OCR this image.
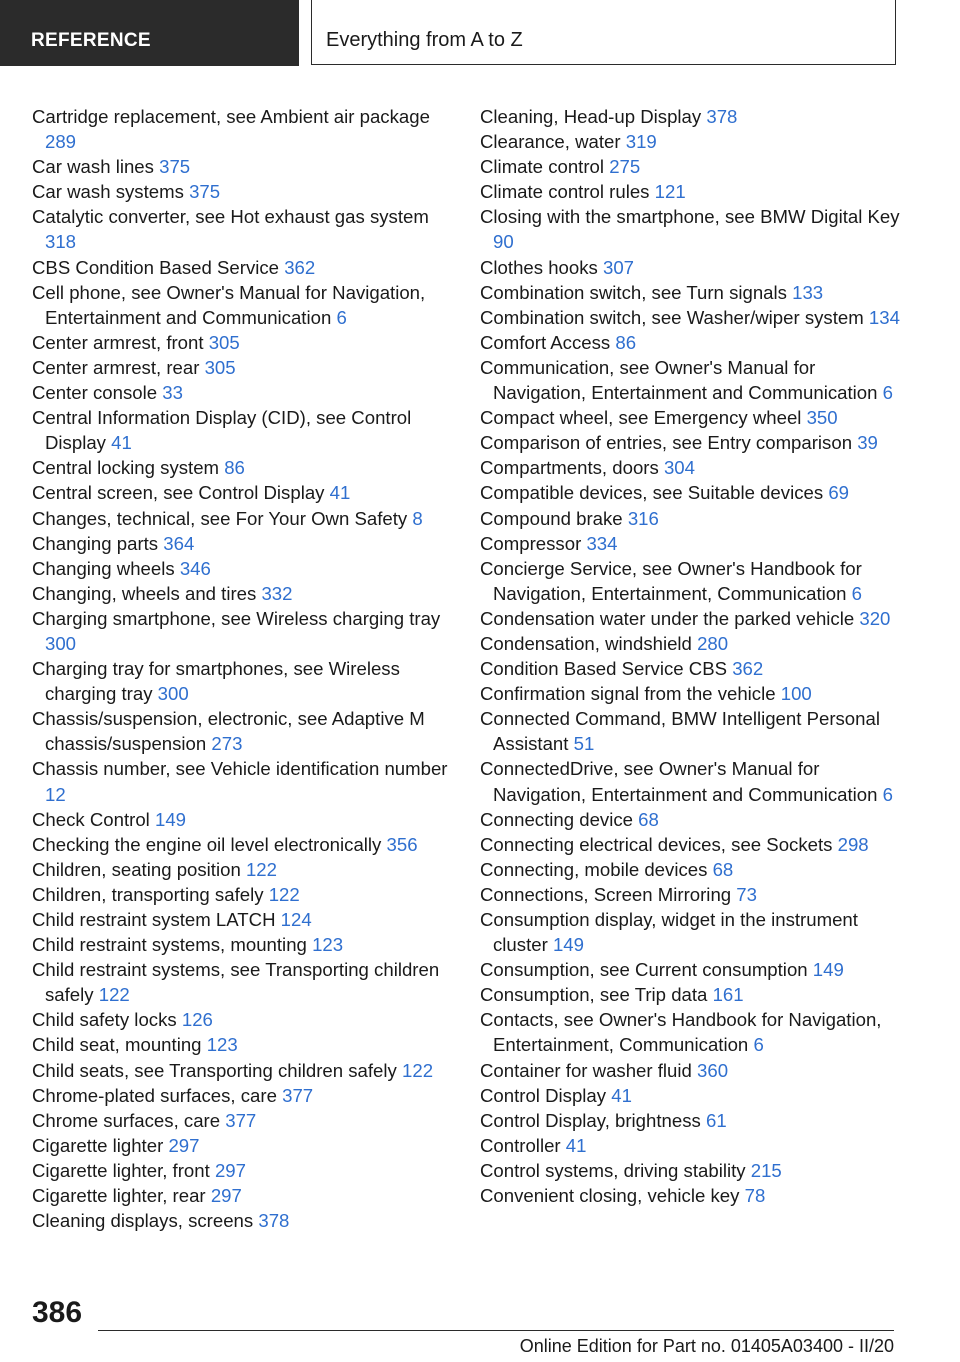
REFERENCE	Everything from A to Z

Cartridge replacement, see Ambient air package 289

Car wash lines 375

Car wash systems 375

Catalytic converter, see Hot exhaust gas system 318

CBS Condition Based Service 362

Cell phone, see Owner's Manual for Navigation, Entertainment and Communication 6

Center armrest, front 305

Center armrest, rear 305

Center console 33

Central Information Display (CID), see Control Display 41

Central locking system 86

Central screen, see Control Display 41

Changes, technical, see For Your Own Safety 8

Changing parts 364

Changing wheels 346

Changing, wheels and tires 332

Charging smartphone, see Wireless charging tray 300

Charging tray for smartphones, see Wireless charging tray 300

Chassis/suspension, electronic, see Adaptive M chassis/suspension 273

Chassis number, see Vehicle identification number 12

Check Control 149

Checking the engine oil level electronically 356

Children, seating position 122

Children, transporting safely 122

Child restraint system LATCH 124

Child restraint systems, mounting 123

Child restraint systems, see Transporting children safely 122

Child safety locks 126

Child seat, mounting 123

Child seats, see Transporting children safely 122

Chrome-plated surfaces, care 377

Chrome surfaces, care 377

Cigarette lighter 297

Cigarette lighter, front 297

Cigarette lighter, rear 297

Cleaning displays, screens 378

Cleaning, Head-up Display 378

Clearance, water 319

Climate control 275

Climate control rules 121

Closing with the smartphone, see BMW Digital Key 90

Clothes hooks 307

Combination switch, see Turn signals 133

Combination switch, see Washer/wiper system 134

Comfort Access 86

Communication, see Owner's Manual for Navigation, Entertainment and Communication 6

Compact wheel, see Emergency wheel 350

Comparison of entries, see Entry comparison 39

Compartments, doors 304

Compatible devices, see Suitable devices 69

Compound brake 316

Compressor 334

Concierge Service, see Owner's Handbook for Navigation, Entertainment, Communication 6

Condensation water under the parked vehicle 320

Condensation, windshield 280

Condition Based Service CBS 362

Confirmation signal from the vehicle 100

Connected Command, BMW Intelligent Personal Assistant 51

ConnectedDrive, see Owner's Manual for Navigation, Entertainment and Communication 6

Connecting device 68

Connecting electrical devices, see Sockets 298

Connecting, mobile devices 68

Connections, Screen Mirroring 73

Consumption display, widget in the instrument cluster 149

Consumption, see Current consumption 149

Consumption, see Trip data 161

Contacts, see Owner's Handbook for Navigation, Entertainment, Communication 6

Container for washer fluid 360

Control Display 41

Control Display, brightness 61

Controller 41

Control systems, driving stability 215

Convenient closing, vehicle key 78

386
Online Edition for Part no. 01405A03400 - II/20
